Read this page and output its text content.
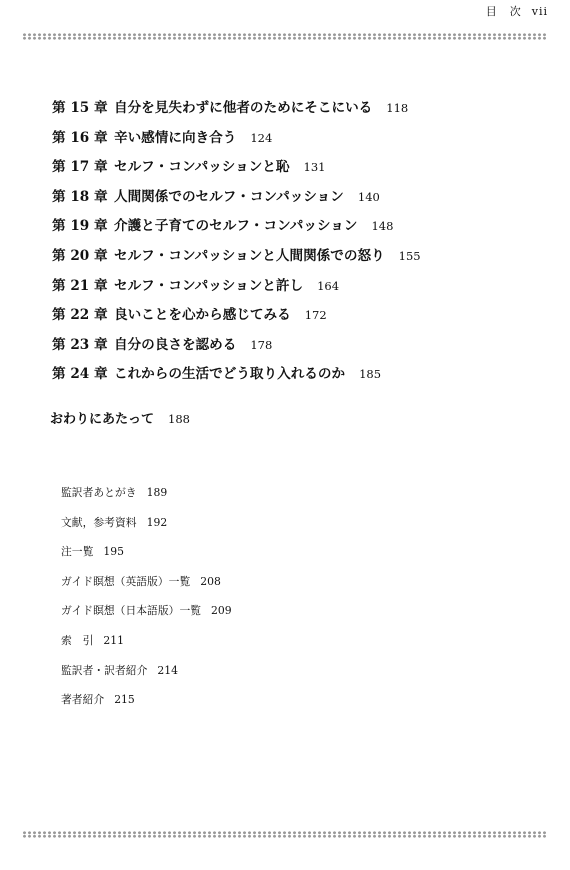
目　次 vii
第 15 章 自分を見失わずに他者のためにそこにいる 118
第 16 章 辛い感情に向き合う 124
第 17 章 セルフ・コンパッションと恥 131
第 18 章 人間関係でのセルフ・コンパッション 140
第 19 章 介護と子育てのセルフ・コンパッション 148
第 20 章 セルフ・コンパッションと人間関係での怒り 155
第 21 章 セルフ・コンパッションと許し 164
第 22 章 良いことを心から感じてみる 172
第 23 章 自分の良さを認める 178
第 24 章 これからの生活でどう取り入れるのか 185
おわりにあたって 188
監訳者あとがき 189
文献，参考資料 192
注一覧 195
ガイド瞑想（英語版）一覧 208
ガイド瞑想（日本語版）一覧 209
索　引 211
監訳者・訳者紹介 214
著者紹介 215
